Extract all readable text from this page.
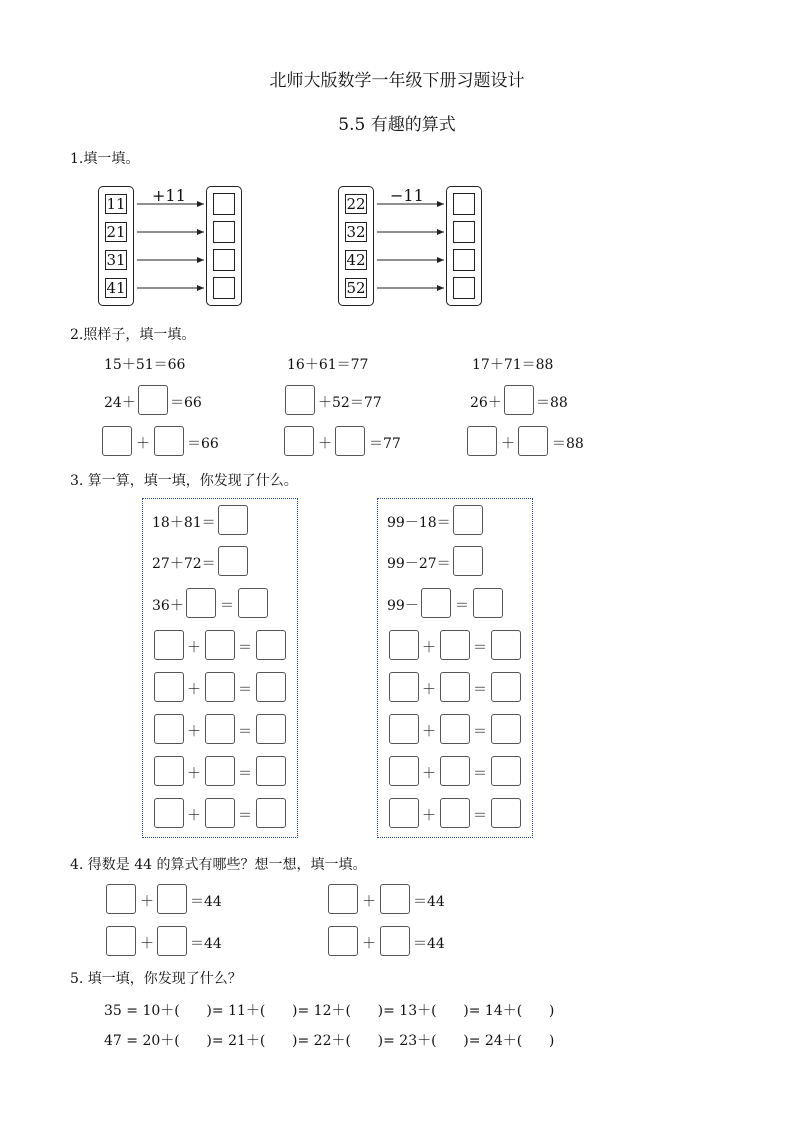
北师大版数学一年级下册习题设计
5.5 有趣的算式
1.填一填。
11
21
31
41
+11	22
32
42
52
−11
2.照样子，填一填。
15＋51＝66	16＋61＝77	17＋71＝88
24＋ ＝66	＋52＝77	26＋ ＝88
＋	＝66	＋	＝77	＋	＝88
3. 算一算，填一填，你发现了什么。
18＋81＝
27＋72＝
36＋	＝
99－18＝
99－27＝
99－	＝
＋	＝
＋	＝
＋	＝
＋	＝
＋	＝
＋	＝
＋	＝
＋	＝
＋	＝
＋	＝
4. 得数是 44 的算式有哪些？想一想，填一填。
＋	＝44	＋	＝44
＋	＝44	＋	＝44
5. 填一填，你发现了什么？
35 = 10＋(      )= 11＋(      )= 12＋(      )= 13＋(      )= 14＋(      )
47 = 20＋(      )= 21＋(      )= 22＋(      )= 23＋(      )= 24＋(      )
